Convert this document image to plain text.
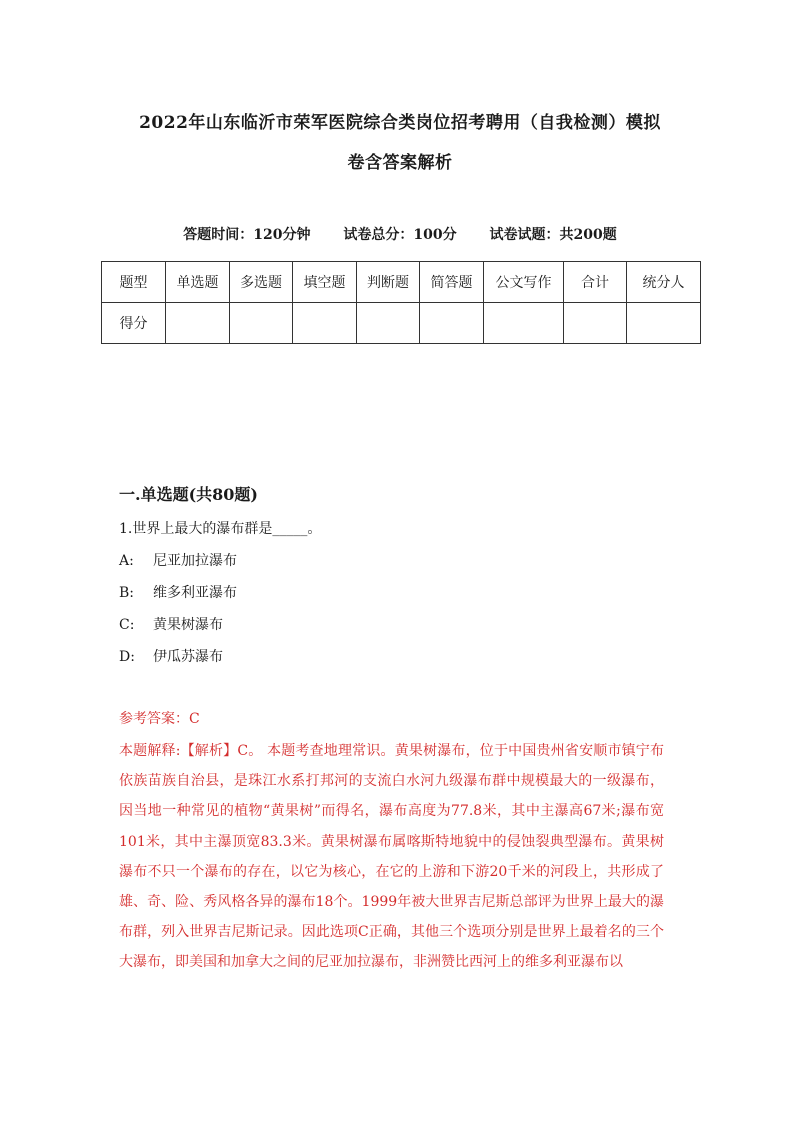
2022年山东临沂市荣军医院综合类岗位招考聘用（自我检测）模拟
卷含答案解析
答题时间：120分钟 试卷总分：100分 试卷试题：共200题
题型	单选题	多选题	填空题	判断题	简答题	公文写作	合计	统分人
得分								
一.单选题(共80题)
1.世界上最大的瀑布群是_____。
A: 尼亚加拉瀑布
B: 维多利亚瀑布
C: 黄果树瀑布
D: 伊瓜苏瀑布
参考答案：C
本题解释:【解析】C。 本题考查地理常识。黄果树瀑布，位于中国贵州省安顺市镇宁布依族苗族自治县，是珠江水系打邦河的支流白水河九级瀑布群中规模最大的一级瀑布，因当地一种常见的植物“黄果树”而得名，瀑布高度为77.8米，其中主瀑高67米;瀑布宽101米，其中主瀑顶宽83.3米。黄果树瀑布属喀斯特地貌中的侵蚀裂典型瀑布。黄果树瀑布不只一个瀑布的存在，以它为核心，在它的上游和下游20千米的河段上，共形成了雄、奇、险、秀风格各异的瀑布18个。1999年被大世界吉尼斯总部评为世界上最大的瀑布群，列入世界吉尼斯记录。因此选项C正确，其他三个选项分别是世界上最着名的三个大瀑布，即美国和加拿大之间的尼亚加拉瀑布，非洲赞比西河上的维多利亚瀑布以
